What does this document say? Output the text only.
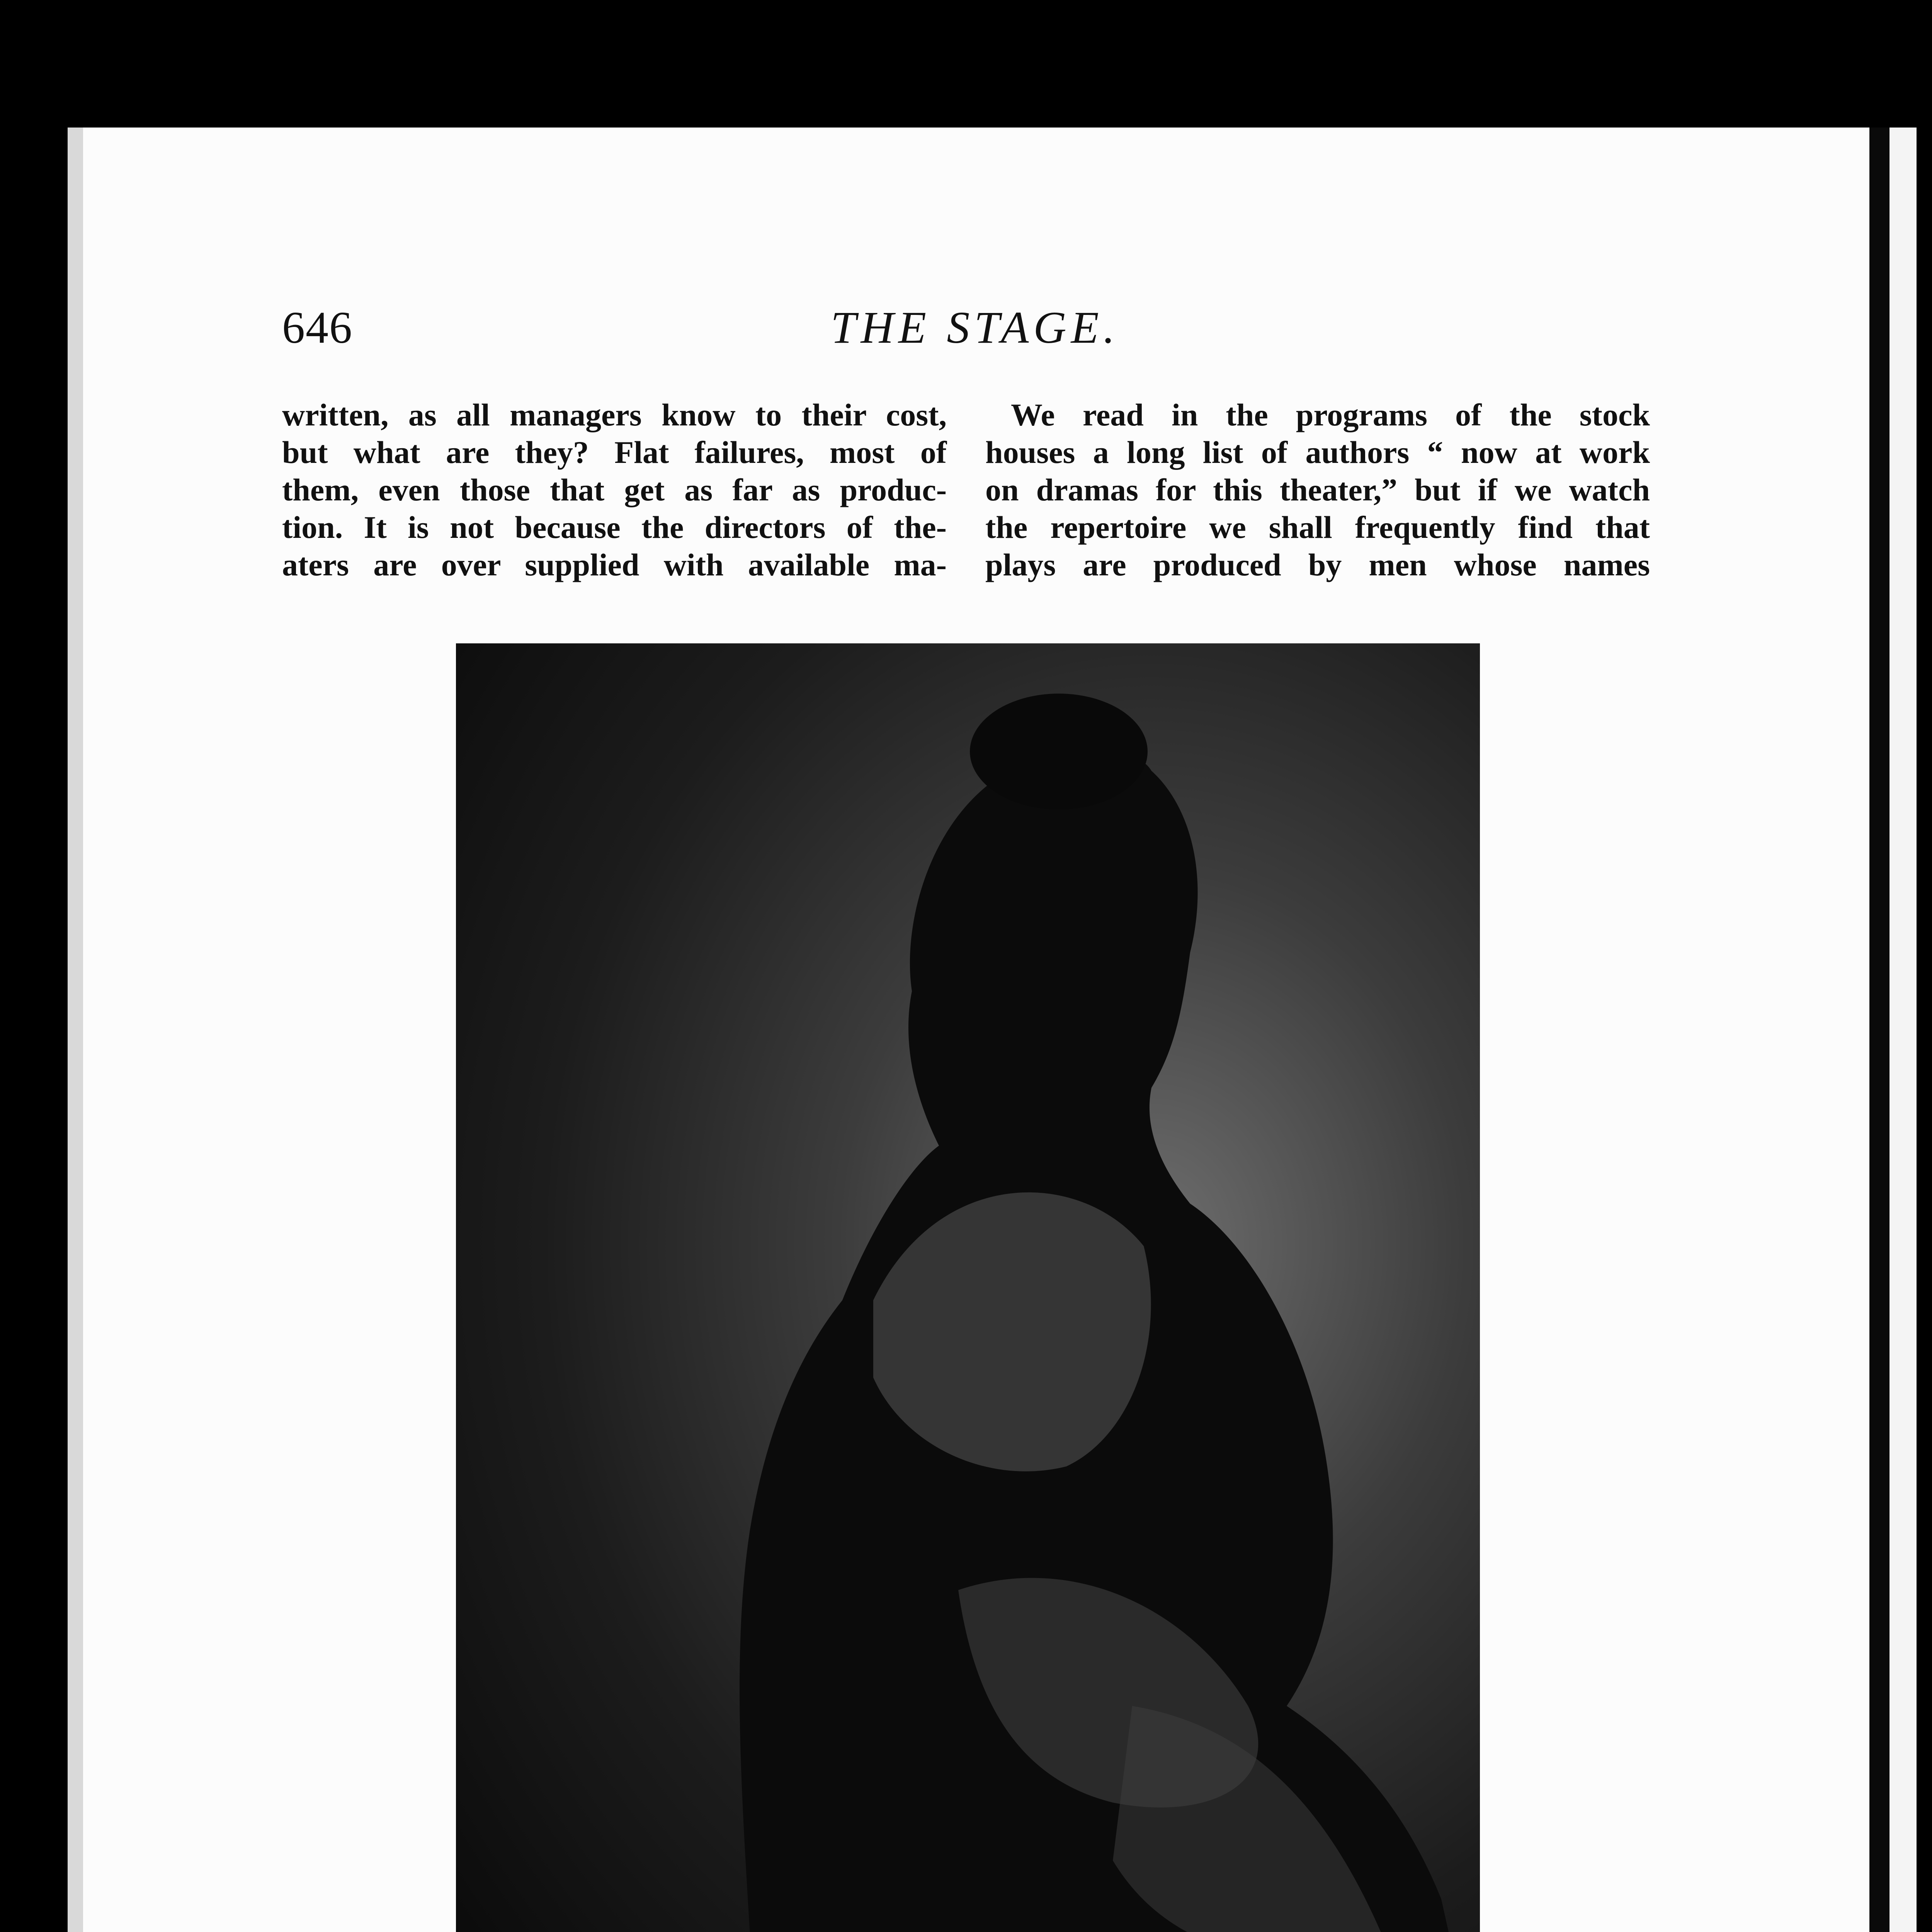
646	THE STAGE.

written, as all managers know to their cost,

but what are they? Flat failures, most of

them, even those that get as far as produc-

tion. It is not because the directors of the-

aters are over supplied with available ma-

We read in the programs of the stock

houses a long list of authors “ now at work

on dramas for this theater,” but if we watch

the repertoire we shall frequently find that

plays are produced by men whose names
